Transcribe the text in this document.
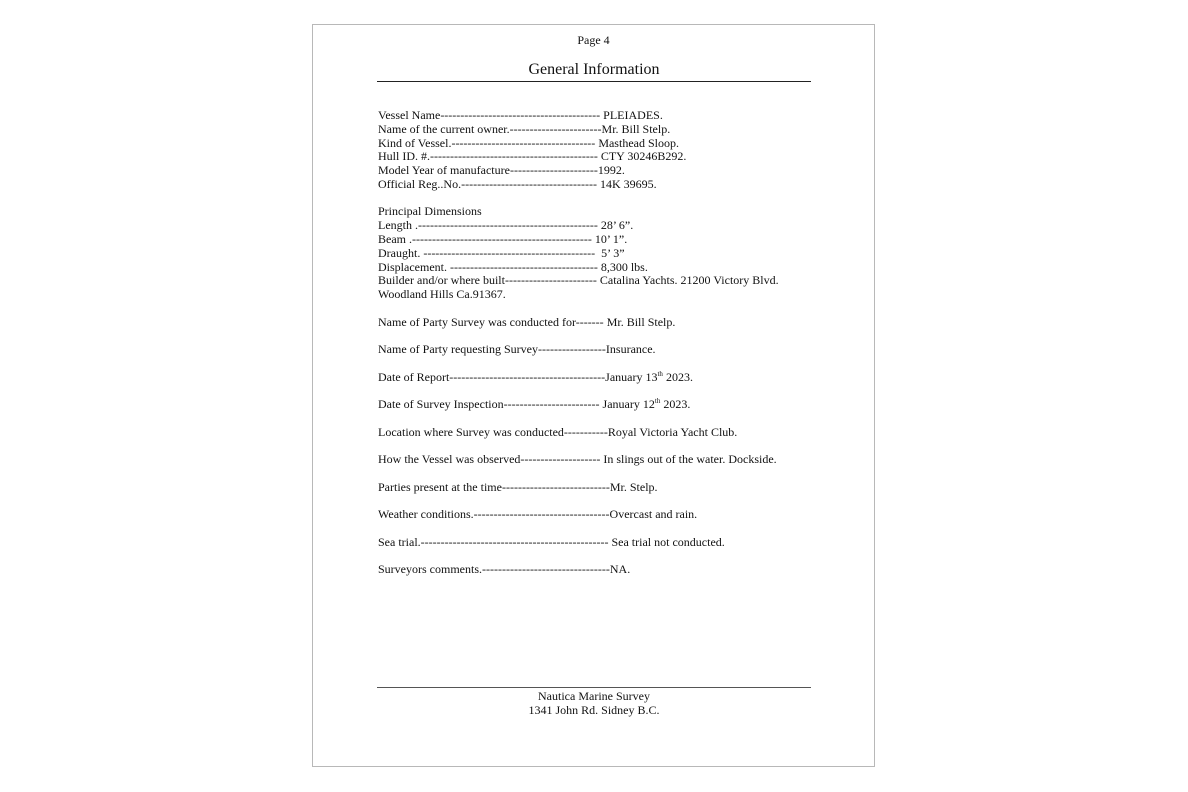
Page 4
General Information
Vessel Name---------------------------------------- PLEIADES.
Name of the current owner.-----------------------Mr. Bill Stelp.
Kind of Vessel.------------------------------------ Masthead Sloop.
Hull ID. #.------------------------------------------ CTY 30246B292.
Model Year of manufacture----------------------1992.
Official Reg..No.---------------------------------- 14K 39695.
Principal Dimensions
Length .--------------------------------------------- 28’ 6”.
Beam .--------------------------------------------- 10’ 1”.
Draught. -------------------------------------------  5’ 3”
Displacement. ------------------------------------- 8,300 lbs.
Builder and/or where built----------------------- Catalina Yachts. 21200 Victory Blvd.
Woodland Hills Ca.91367.
Name of Party Survey was conducted for------- Mr. Bill Stelp.
Name of Party requesting Survey-----------------Insurance.
Date of Report---------------------------------------January 13th 2023.
Date of Survey Inspection------------------------ January 12th 2023.
Location where Survey was conducted-----------Royal Victoria Yacht Club.
How the Vessel was observed-------------------- In slings out of the water. Dockside.
Parties present at the time---------------------------Mr. Stelp.
Weather conditions.----------------------------------Overcast and rain.
Sea trial.----------------------------------------------- Sea trial not conducted.
Surveyors comments.--------------------------------NA.
Nautica Marine Survey
1341 John Rd. Sidney B.C.
